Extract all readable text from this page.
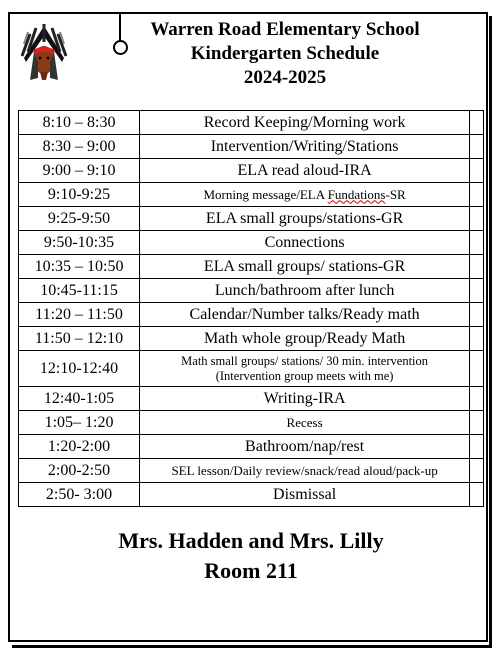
Warren Road Elementary School
Kindergarten Schedule
2024-2025
8:10 – 8:30	Record Keeping/Morning work	
8:30 – 9:00	Intervention/Writing/Stations	
9:00 – 9:10	ELA read aloud-IRA	
9:10-9:25	Morning message/ELA Fundations-SR	
9:25-9:50	ELA small groups/stations-GR	
9:50-10:35	Connections	
10:35 – 10:50	ELA small groups/ stations-GR	
10:45-11:15	Lunch/bathroom after lunch	
11:20 – 11:50	Calendar/Number talks/Ready math	
11:50 – 12:10	Math whole group/Ready Math	
12:10-12:40	Math small groups/ stations/ 30 min. intervention
(Intervention group meets with me)	

12:40-1:05	Writing-IRA	
1:05– 1:20	Recess	
1:20-2:00	Bathroom/nap/rest	
2:00-2:50	SEL lesson/Daily review/snack/read aloud/pack-up	
2:50- 3:00	Dismissal	
Mrs. Hadden and Mrs. Lilly
Room 211
